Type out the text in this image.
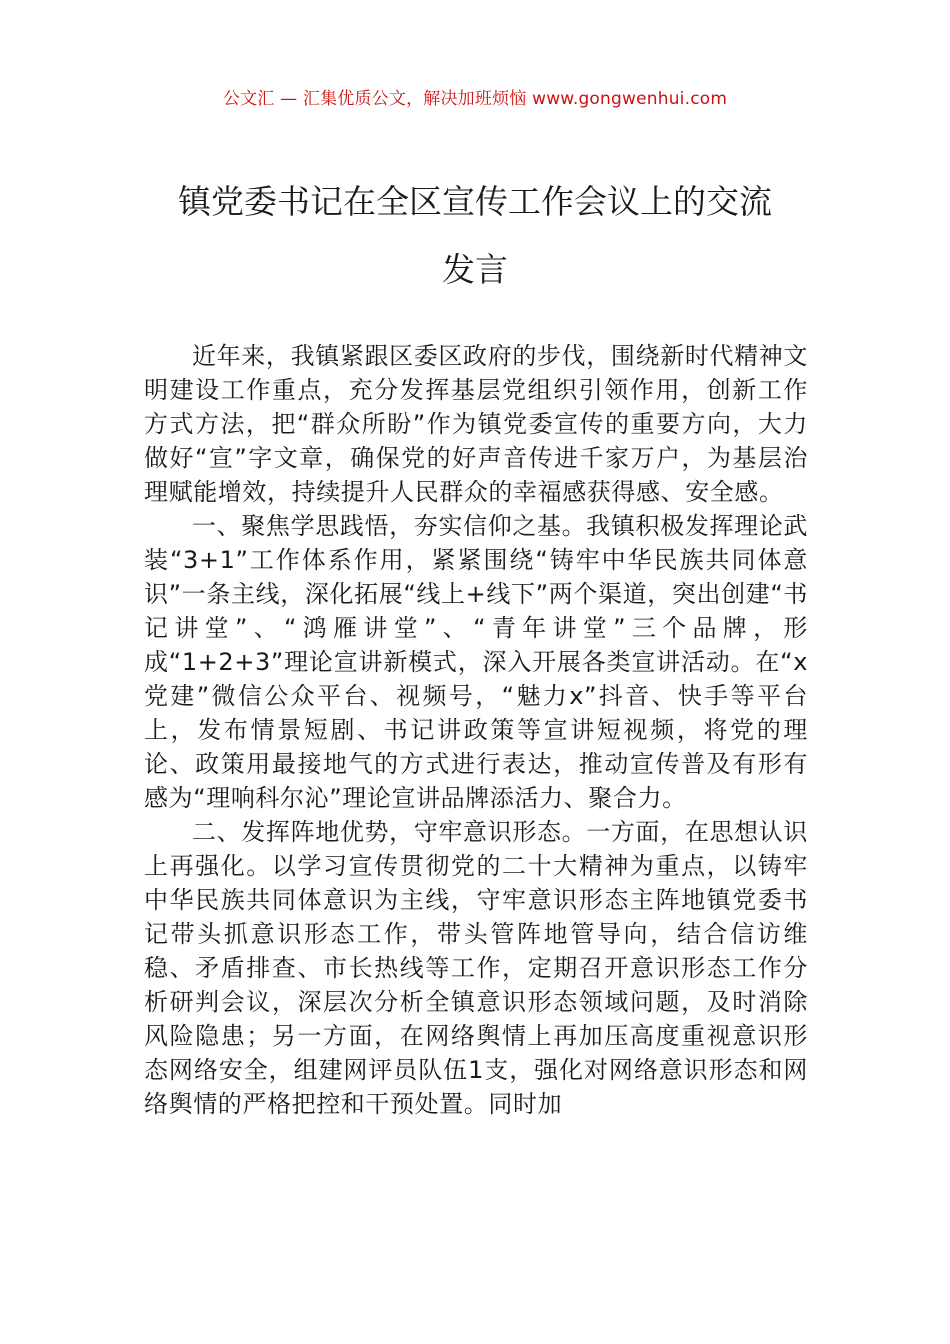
公文汇 — 汇集优质公文，解决加班烦恼 www.gongwenhui.com
镇党委书记在全区宣传工作会议上的交流
发言

近年来，我镇紧跟区委区政府的步伐，围绕新时代精神文明建设工作重点，充分发挥基层党组织引领作用，创新工作方式方法，把“群众所盼”作为镇党委宣传的重要方向，大力做好“宣”字文章，确保党的好声音传进千家万户，为基层治理赋能增效，持续提升人民群众的幸福感获得感、安全感。

一、聚焦学思践悟，夯实信仰之基。我镇积极发挥理论武装“3+1”工作体系作用，紧紧围绕“铸牢中华民族共同体意识”一条主线，深化拓展“线上+线下”两个渠道，突出创建“书记讲堂”、“鸿雁讲堂”、“青年讲堂”三个品牌，形成“1+2+3”理论宣讲新模式，深入开展各类宣讲活动。在“x党建”微信公众平台、视频号，“魅力x”抖音、快手等平台上，发布情景短剧、书记讲政策等宣讲短视频，将党的理论、政策用最接地气的方式进行表达，推动宣传普及有形有感为“理响科尔沁”理论宣讲品牌添活力、聚合力。

二、发挥阵地优势，守牢意识形态。一方面，在思想认识上再强化。以学习宣传贯彻党的二十大精神为重点，以铸牢中华民族共同体意识为主线，守牢意识形态主阵地镇党委书记带头抓意识形态工作，带头管阵地管导向，结合信访维稳、矛盾排查、市长热线等工作，定期召开意识形态工作分析研判会议，深层次分析全镇意识形态领域问题，及时消除风险隐患；另一方面，在网络舆情上再加压高度重视意识形态网络安全，组建网评员队伍1支，强化对网络意识形态和网络舆情的严格把控和干预处置。同时加
